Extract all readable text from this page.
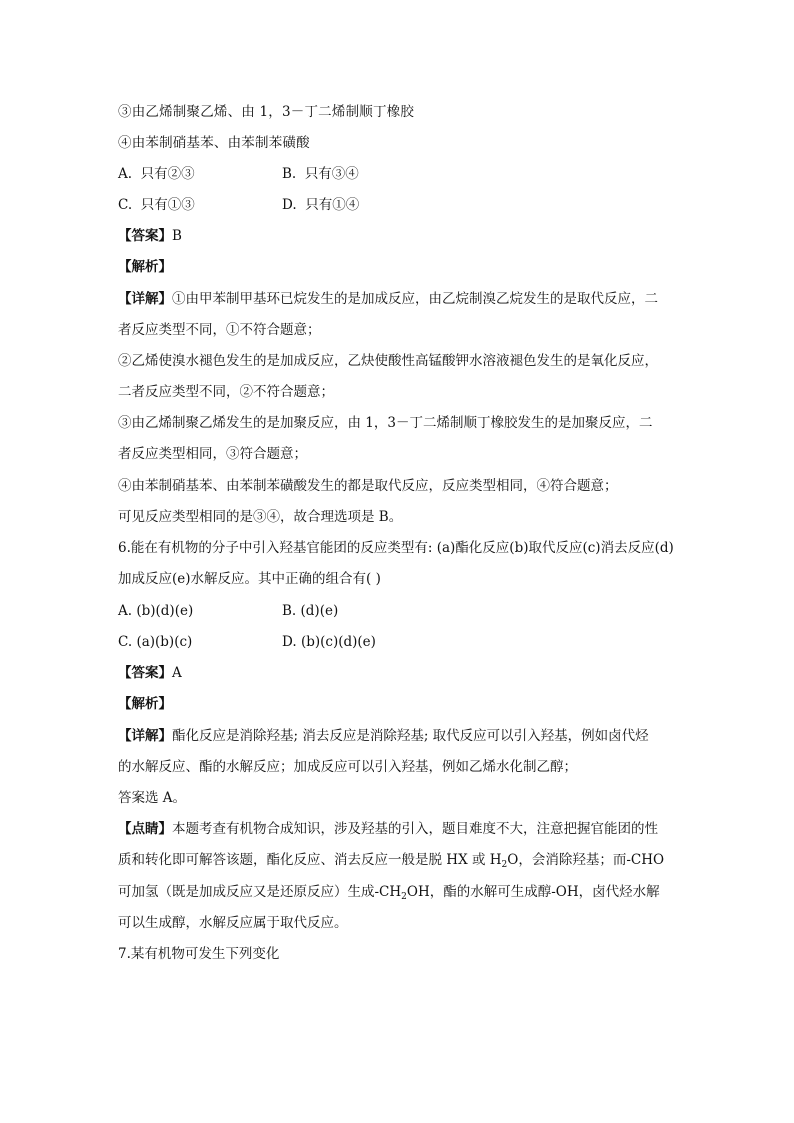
③由乙烯制聚乙烯、由 1，3－丁二烯制顺丁橡胶
④由苯制硝基苯、由苯制苯磺酸
A. 只有②③	B. 只有③④
C. 只有①③	D. 只有①④
【答案】B
【解析】
【详解】①由甲苯制甲基环已烷发生的是加成反应，由乙烷制溴乙烷发生的是取代反应，二
者反应类型不同，①不符合题意；
②乙烯使溴水褪色发生的是加成反应，乙炔使酸性高锰酸钾水溶液褪色发生的是氧化反应，
二者反应类型不同，②不符合题意；
③由乙烯制聚乙烯发生的是加聚反应，由 1，3－丁二烯制顺丁橡胶发生的是加聚反应，二
者反应类型相同，③符合题意；
④由苯制硝基苯、由苯制苯磺酸发生的都是取代反应，反应类型相同，④符合题意；
可见反应类型相同的是③④，故合理选项是 B。
6.能在有机物的分子中引入羟基官能团的反应类型有: (a)酯化反应(b)取代反应(c)消去反应(d)
加成反应(e)水解反应。其中正确的组合有( )
A. (b)(d)(e)	B. (d)(e)
C. (a)(b)(c)	D. (b)(c)(d)(e)
【答案】A
【解析】
【详解】酯化反应是消除羟基; 消去反应是消除羟基; 取代反应可以引入羟基，例如卤代烃
的水解反应、酯的水解反应；加成反应可以引入羟基，例如乙烯水化制乙醇；
答案选 A。
【点睛】本题考查有机物合成知识，涉及羟基的引入，题目难度不大，注意把握官能团的性
质和转化即可解答该题，酯化反应、消去反应一般是脱 HX 或 $H_2O$，会消除羟基；而-CHO
可加氢（既是加成反应又是还原反应）生成$-CH_2OH$，酯的水解可生成醇-OH，卤代烃水解
可以生成醇，水解反应属于取代反应。
7.某有机物可发生下列变化
